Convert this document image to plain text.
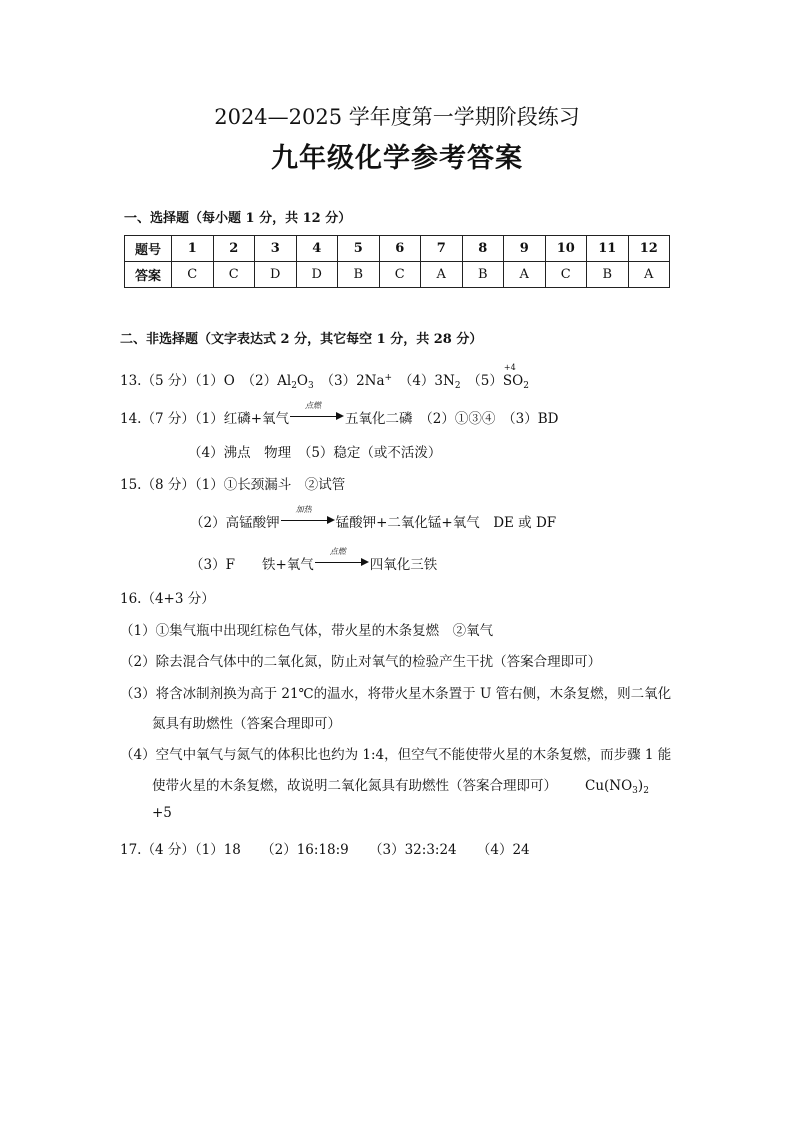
2024—2025 学年度第一学期阶段练习
九年级化学参考答案
一、选择题（每小题 1 分，共 12 分）
题号	1	2	3	4	5	6	7	8	9	10	11	12
答案	C	C	D	D	B	C	A	B	A	C	B	A
二、非选择题（文字表达式 2 分，其它每空 1 分，共 28 分）
13.（5 分）（1）O　$(2)Al_2O_3$　（3）2Na+　$(4)3N_2$　（5）
+4
$SO_2$
14.（7 分）（1）红磷+氧气
点燃
五氧化二磷　（2）①③④　（3）BD
（4）沸点　物理　（5）稳定（或不活泼）
15.（8 分）（1）①长颈漏斗　②试管
（2）高锰酸钾
加热
锰酸钾+二氧化锰+氧气　DE 或 DF
（3）F　　铁+氧气
点燃
四氧化三铁
16.（4+3 分）
（1）①集气瓶中出现红棕色气体，带火星的木条复燃　②氧气
（2）除去混合气体中的二氧化氮，防止对氧气的检验产生干扰（答案合理即可）
（3）将含冰制剂换为高于 21℃的温水，将带火星木条置于 U 管右侧，木条复燃，则二氧化
氮具有助燃性（答案合理即可）
（4）空气中氧气与氮气的体积比也约为 1:4，但空气不能使带火星的木条复燃，而步骤 1 能
使带火星的木条复燃，故说明二氧化氮具有助燃性（答案合理即可） $Cu(NO_3)_2$
+5
17.（4 分）（1）18　　（2）16:18:9　　（3）32:3:24　　（4）24
